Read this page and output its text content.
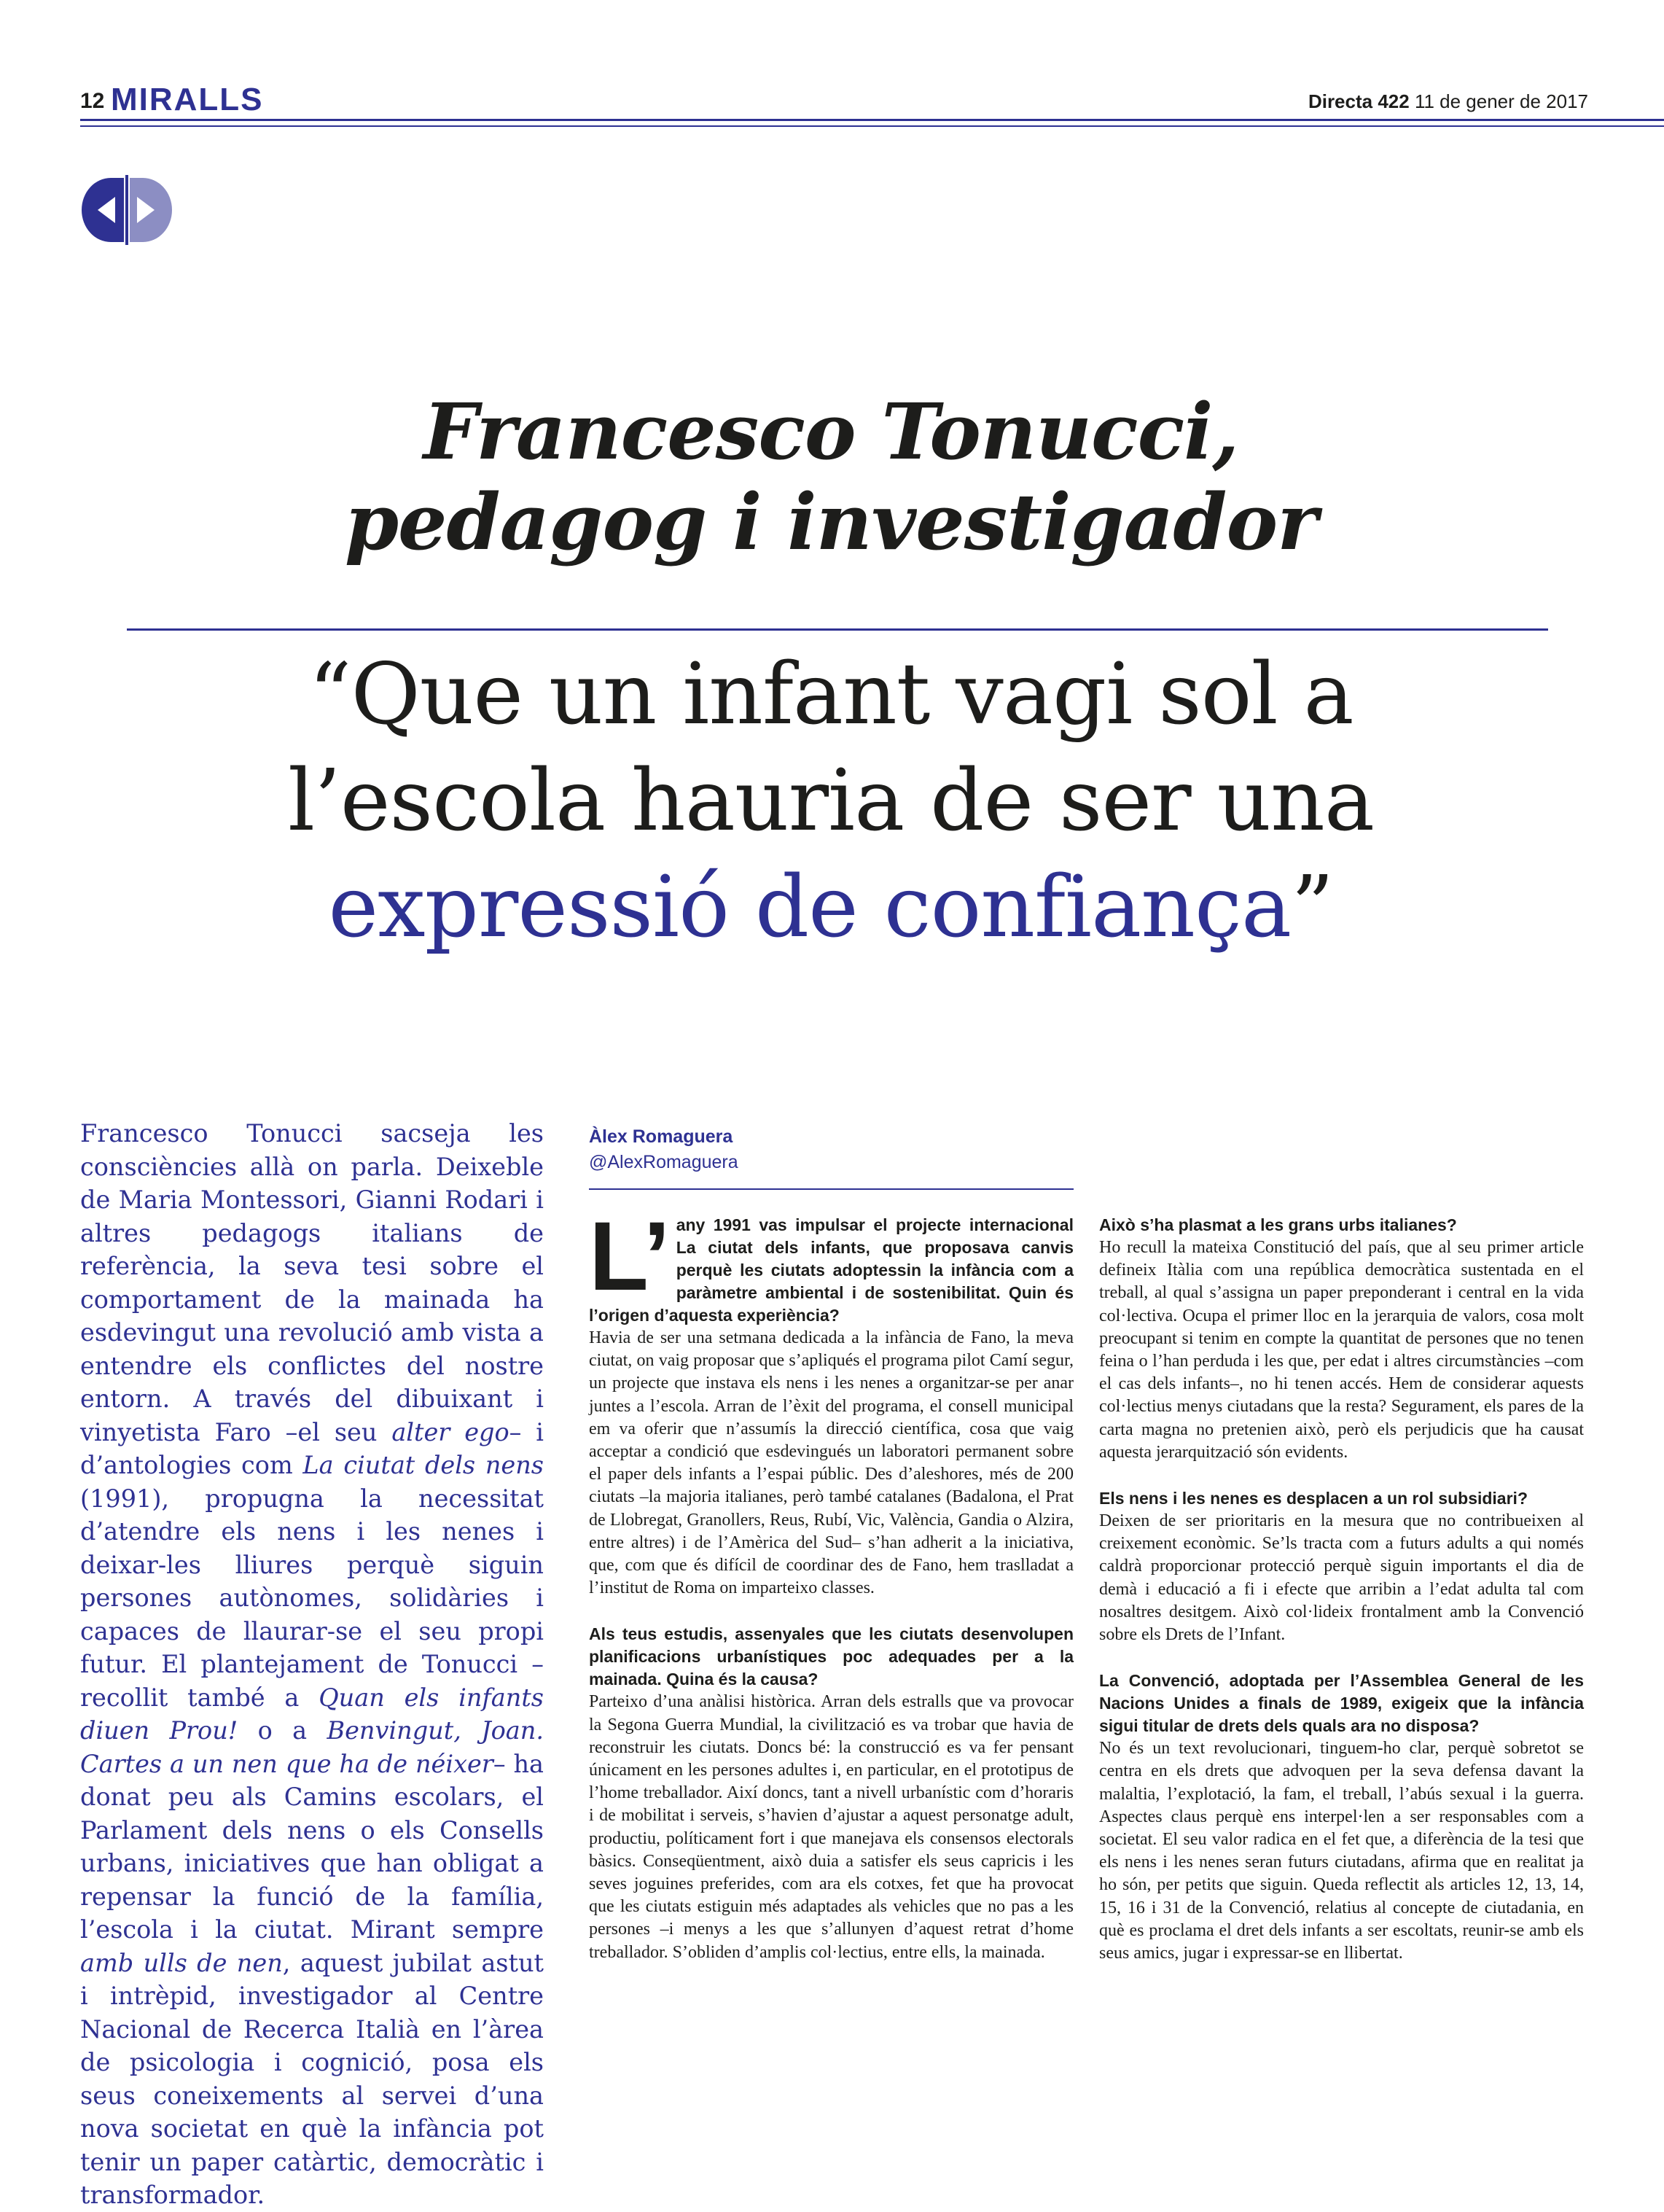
12 MIRALLS	Directa 422 11 de gener de 2017
Francesco Tonucci,
pedagog i investigador
“Que un infant vagi sol a
l’escola hauria de ser una
expressió de confiança”
Francesco Tonucci sacseja les consciències allà on parla. Deixeble de Maria Montessori, Gianni Rodari i altres pedagogs italians de referència, la seva tesi sobre el comportament de la mainada ha esdevingut una revolució amb vista a entendre els conflictes del nostre entorn. A través del dibuixant i vinyetista Faro –el seu alter ego– i d’antologies com La ciutat dels nens (1991), propugna la necessitat d’atendre els nens i les nenes i deixar-les lliures perquè siguin persones autònomes, solidàries i capaces de llaurar-se el seu propi futur. El plantejament de Tonucci –recollit també a Quan els infants diuen Prou! o a Benvingut, Joan. Cartes a un nen que ha de néixer– ha donat peu als Camins escolars, el Parlament dels nens o els Consells urbans, iniciatives que han obligat a repensar la funció de la família, l’escola i la ciutat. Mirant sempre amb ulls de nen, aquest jubilat astut i intrèpid, investigador al Centre Nacional de Recerca Italià en l’àrea de psicologia i cognició, posa els seus coneixements al servei d’una nova societat en què la infància pot tenir un paper catàrtic, democràtic i transformador.
Àlex Romaguera
@AlexRomaguera

L’ any 1991 vas impulsar el projecte internacional La ciutat dels infants, que proposava canvis perquè les ciutats adoptessin la infància com a paràmetre ambiental i de sostenibilitat. Quin és l’origen d’aquesta experiència?

Havia de ser una setmana dedicada a la infància de Fano, la meva ciutat, on vaig proposar que s’apliqués el programa pilot Camí segur, un projecte que instava els nens i les nenes a organitzar-se per anar juntes a l’escola. Arran de l’èxit del programa, el consell municipal em va oferir que n’assumís la direcció científica, cosa que vaig acceptar a condició que esdevingués un laboratori permanent sobre el paper dels infants a l’espai públic. Des d’aleshores, més de 200 ciutats –la majoria italianes, però també catalanes (Badalona, el Prat de Llobregat, Granollers, Reus, Rubí, Vic, València, Gandia o Alzira, entre altres) i de l’Amèrica del Sud– s’han adherit a la iniciativa, que, com que és difícil de coordinar des de Fano, hem traslladat a l’institut de Roma on imparteixo classes.

Als teus estudis, assenyales que les ciutats desenvolupen planificacions urbanístiques poc adequades per a la mainada. Quina és la causa?

Parteixo d’una anàlisi històrica. Arran dels estralls que va provocar la Segona Guerra Mundial, la civilització es va trobar que havia de reconstruir les ciutats. Doncs bé: la construcció es va fer pensant únicament en les persones adultes i, en particular, en el prototipus de l’home treballador. Així doncs, tant a nivell urbanístic com d’horaris i de mobilitat i serveis, s’havien d’ajustar a aquest personatge adult, productiu, políticament fort i que manejava els consensos electorals bàsics. Conseqüentment, això duia a satisfer els seus capricis i les seves joguines preferides, com ara els cotxes, fet que ha provocat que les ciutats estiguin més adaptades als vehicles que no pas a les persones –i menys a les que s’allunyen d’aquest retrat d’home treballador. S’obliden d’amplis col·lectius, entre ells, la mainada.

Això s’ha plasmat a les grans urbs italianes?

Ho recull la mateixa Constitució del país, que al seu primer article defineix Itàlia com una república democràtica sustentada en el treball, al qual s’assigna un paper preponderant i central en la vida col·lectiva. Ocupa el primer lloc en la jerarquia de valors, cosa molt preocupant si tenim en compte la quantitat de persones que no tenen feina o l’han perduda i les que, per edat i altres circumstàncies –com el cas dels infants–, no hi tenen accés. Hem de considerar aquests col·lectius menys ciutadans que la resta? Segurament, els pares de la carta magna no pretenien això, però els perjudicis que ha causat aquesta jerarquització són evidents.

Els nens i les nenes es desplacen a un rol subsidiari?

Deixen de ser prioritaris en la mesura que no contribueixen al creixement econòmic. Se’ls tracta com a futurs adults a qui només caldrà proporcionar protecció perquè siguin importants el dia de demà i educació a fi i efecte que arribin a l’edat adulta tal com nosaltres desitgem. Això col·lideix frontalment amb la Convenció sobre els Drets de l’Infant.

La Convenció, adoptada per l’Assemblea General de les Nacions Unides a finals de 1989, exigeix que la infància sigui titular de drets dels quals ara no disposa?

No és un text revolucionari, tinguem-ho clar, perquè sobretot se centra en els drets que advoquen per la seva defensa davant la malaltia, l’explotació, la fam, el treball, l’abús sexual i la guerra. Aspectes claus perquè ens interpel·len a ser responsables com a societat. El seu valor radica en el fet que, a diferència de la tesi que els nens i les nenes seran futurs ciutadans, afirma que en realitat ja ho són, per petits que siguin. Queda reflectit als articles 12, 13, 14, 15, 16 i 31 de la Convenció, relatius al concepte de ciutadania, en què es proclama el dret dels infants a ser escoltats, reunir-se amb els seus amics, jugar i expressar-se en llibertat.
